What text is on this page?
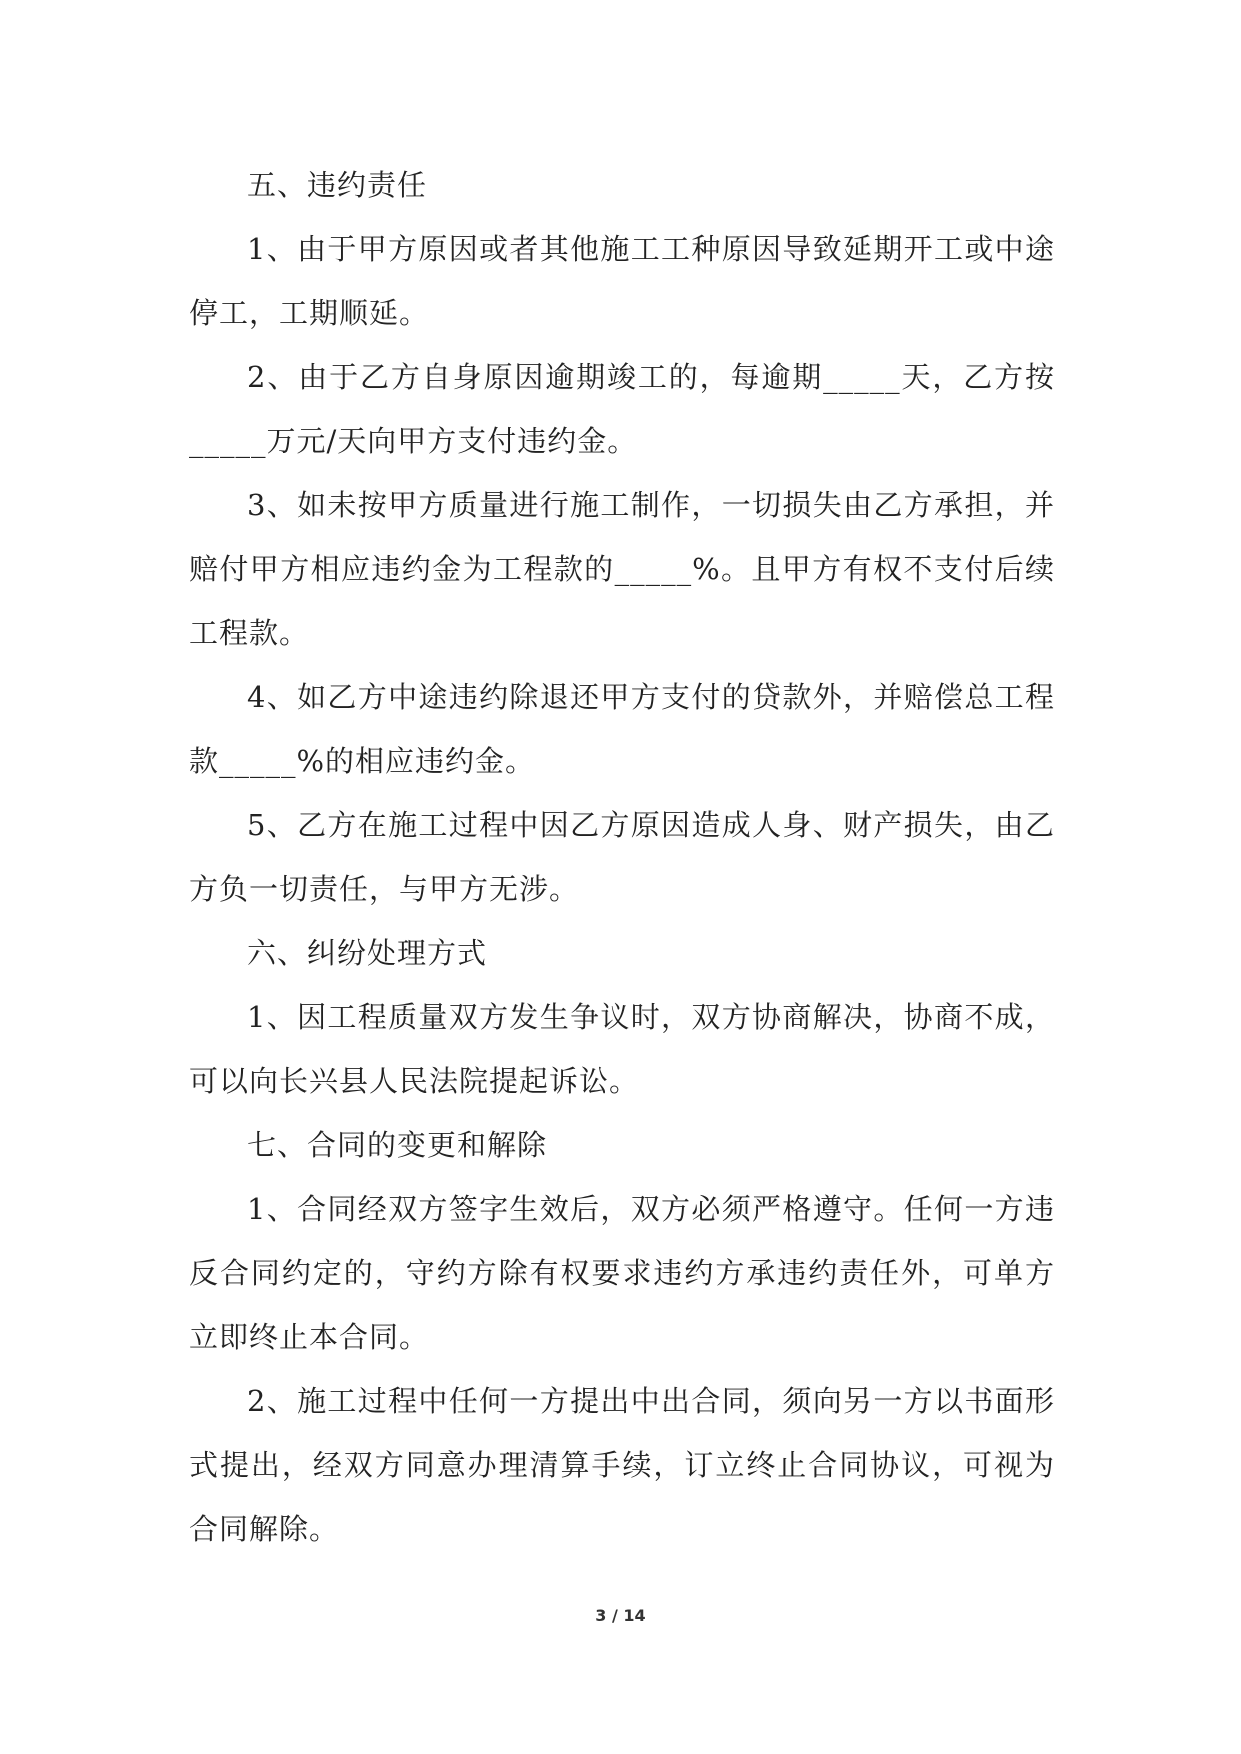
五、违约责任

1、由于甲方原因或者其他施工工种原因导致延期开工或中途停工，工期顺延。

2、由于乙方自身原因逾期竣工的，每逾期_____天，乙方按_____万元/天向甲方支付违约金。

3、如未按甲方质量进行施工制作，一切损失由乙方承担，并赔付甲方相应违约金为工程款的_____%。且甲方有权不支付后续工程款。

4、如乙方中途违约除退还甲方支付的贷款外，并赔偿总工程款_____%的相应违约金。

5、乙方在施工过程中因乙方原因造成人身、财产损失，由乙方负一切责任，与甲方无涉。

六、纠纷处理方式

1、因工程质量双方发生争议时，双方协商解决，协商不成，可以向长兴县人民法院提起诉讼。

七、合同的变更和解除

1、合同经双方签字生效后，双方必须严格遵守。任何一方违反合同约定的，守约方除有权要求违约方承违约责任外，可单方立即终止本合同。

2、施工过程中任何一方提出中出合同，须向另一方以书面形式提出，经双方同意办理清算手续，订立终止合同协议，可视为合同解除。

3 / 14
